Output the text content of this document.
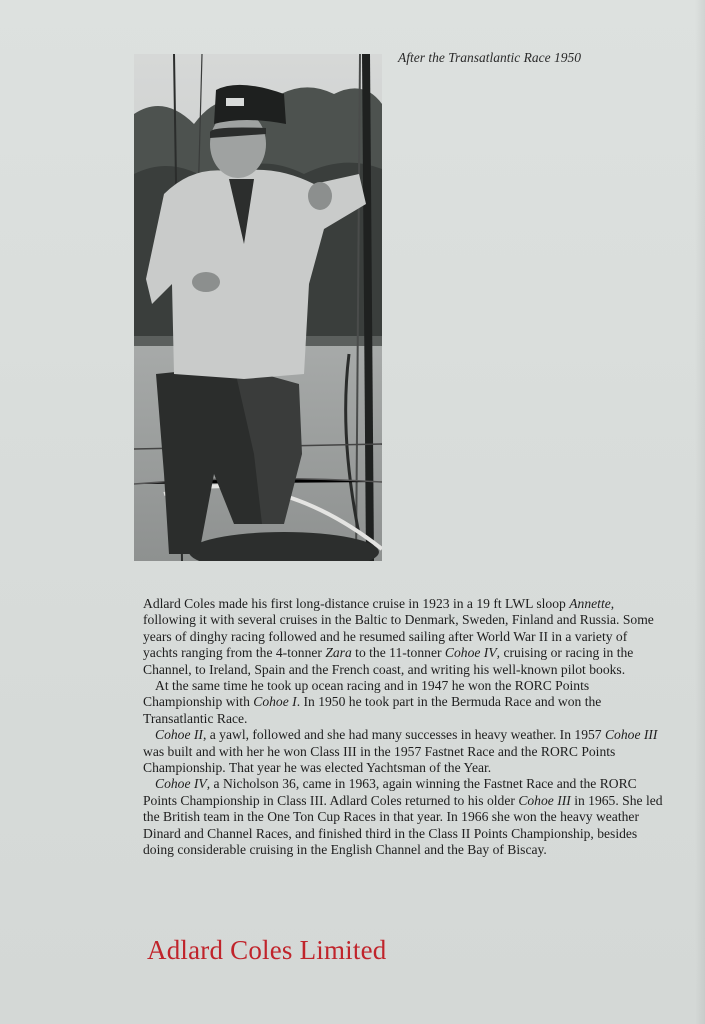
After the Transatlantic Race 1950

Adlard Coles made his first long-distance cruise in 1923 in a 19 ft LWL sloop Annette, following it with several cruises in the Baltic to Denmark, Sweden, Finland and Russia. Some years of dinghy racing followed and he resumed sailing after World War II in a variety of yachts ranging from the 4-tonner Zara to the 11-tonner Cohoe IV, cruising or racing in the Channel, to Ireland, Spain and the French coast, and writing his well-known pilot books.

At the same time he took up ocean racing and in 1947 he won the RORC Points Championship with Cohoe I. In 1950 he took part in the Bermuda Race and won the Transatlantic Race.

Cohoe II, a yawl, followed and she had many successes in heavy weather. In 1957 Cohoe III was built and with her he won Class III in the 1957 Fastnet Race and the RORC Points Championship. That year he was elected Yachtsman of the Year.

Cohoe IV, a Nicholson 36, came in 1963, again winning the Fastnet Race and the RORC Points Championship in Class III. Adlard Coles returned to his older Cohoe III in 1965. She led the British team in the One Ton Cup Races in that year. In 1966 she won the heavy weather Dinard and Channel Races, and finished third in the Class II Points Championship, besides doing considerable cruising in the English Channel and the Bay of Biscay.

Adlard Coles Limited
